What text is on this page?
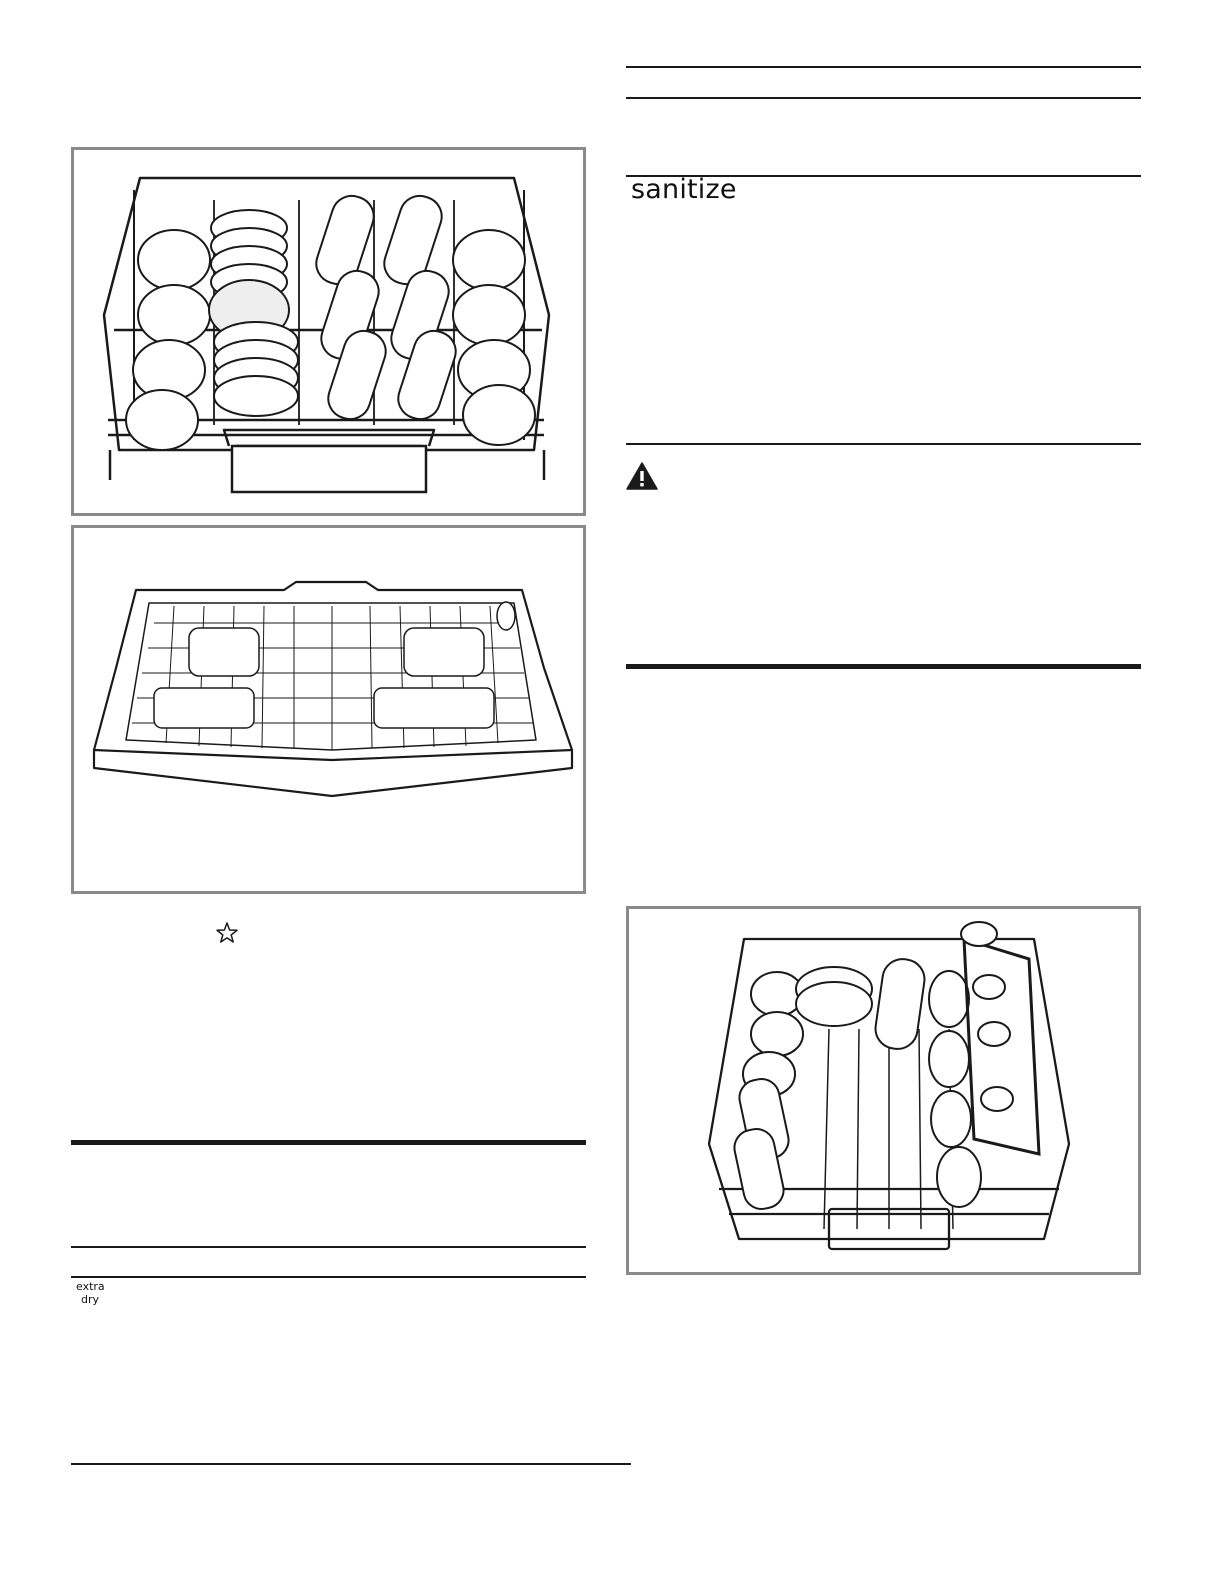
sanitize
extra
dry
